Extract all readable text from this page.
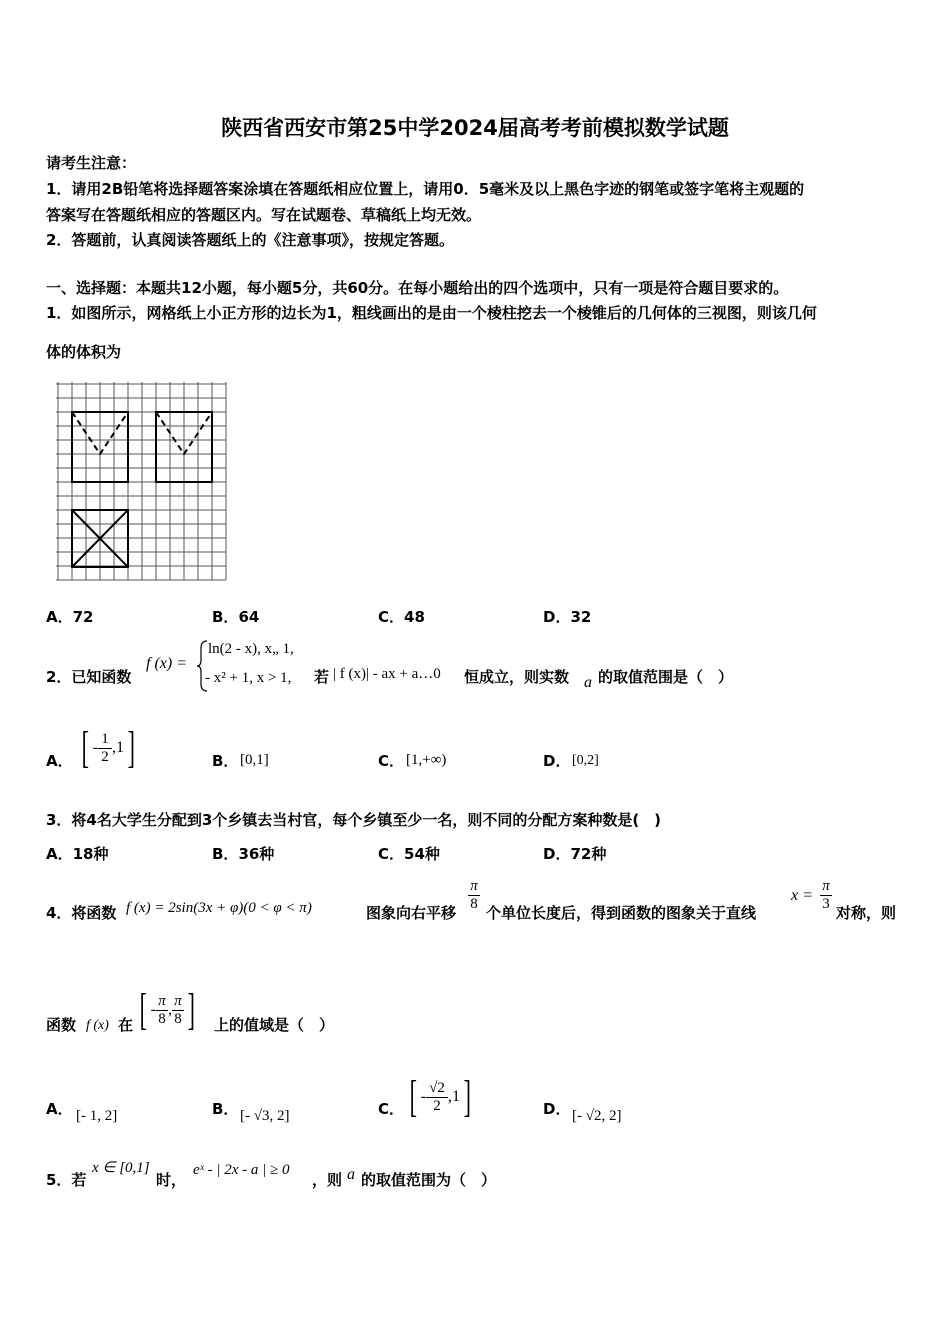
陕西省西安市第25中学2024届高考考前模拟数学试题
请考生注意：
1．请用2B铅笔将选择题答案涂填在答题纸相应位置上，请用0．5毫米及以上黑色字迹的钢笔或签字笔将主观题的
答案写在答题纸相应的答题区内。写在试题卷、草稿纸上均无效。
2．答题前，认真阅读答题纸上的《注意事项》，按规定答题。
一、选择题：本题共12小题，每小题5分，共60分。在每小题给出的四个选项中，只有一项是符合题目要求的。
1．如图所示，网格纸上小正方形的边长为1，粗线画出的是由一个棱柱挖去一个棱锥后的几何体的三视图，则该几何
体的体积为
A．72	B．64	C．48	D．32
2．已知函数
f (x) =
ln(2 - x), x„ 1,
- x² + 1, x > 1, 若 | f (x)| - ax + a…0 恒成立，则实数 a 的取值范围是（　）
A． [ - $\frac{1}{2} ,1$]	B． [0,1]	C． [1,+∞)	D． [0,2]
3．将4名大学生分配到3个乡镇去当村官，每个乡镇至少一名，则不同的分配方案种数是(　)
A．18种	B．36种	C．54种	D．72种
4．将函数 f (x) = 2sin(3x + φ)(0 < φ < π)	图象向右平移 $\frac{\pi}{8}$ 个单位长度后，得到函数的图象关于直线
$x = \frac{\pi}{3}$ 对称，则
函数 f (x) 在 [ - $\frac{\pi}{8}$ , $\frac{\pi}{8}$ ] 上的值域是（　）
A． [- 1, 2]	B． [- √3, 2]	C． [ - $\frac{√2}{2} ,1$]	D． [- √2, 2]
5．若
x ∈ [0,1]
时，
eˣ - | 2x - a | ≥ 0
，则 a 的取值范围为（　）
